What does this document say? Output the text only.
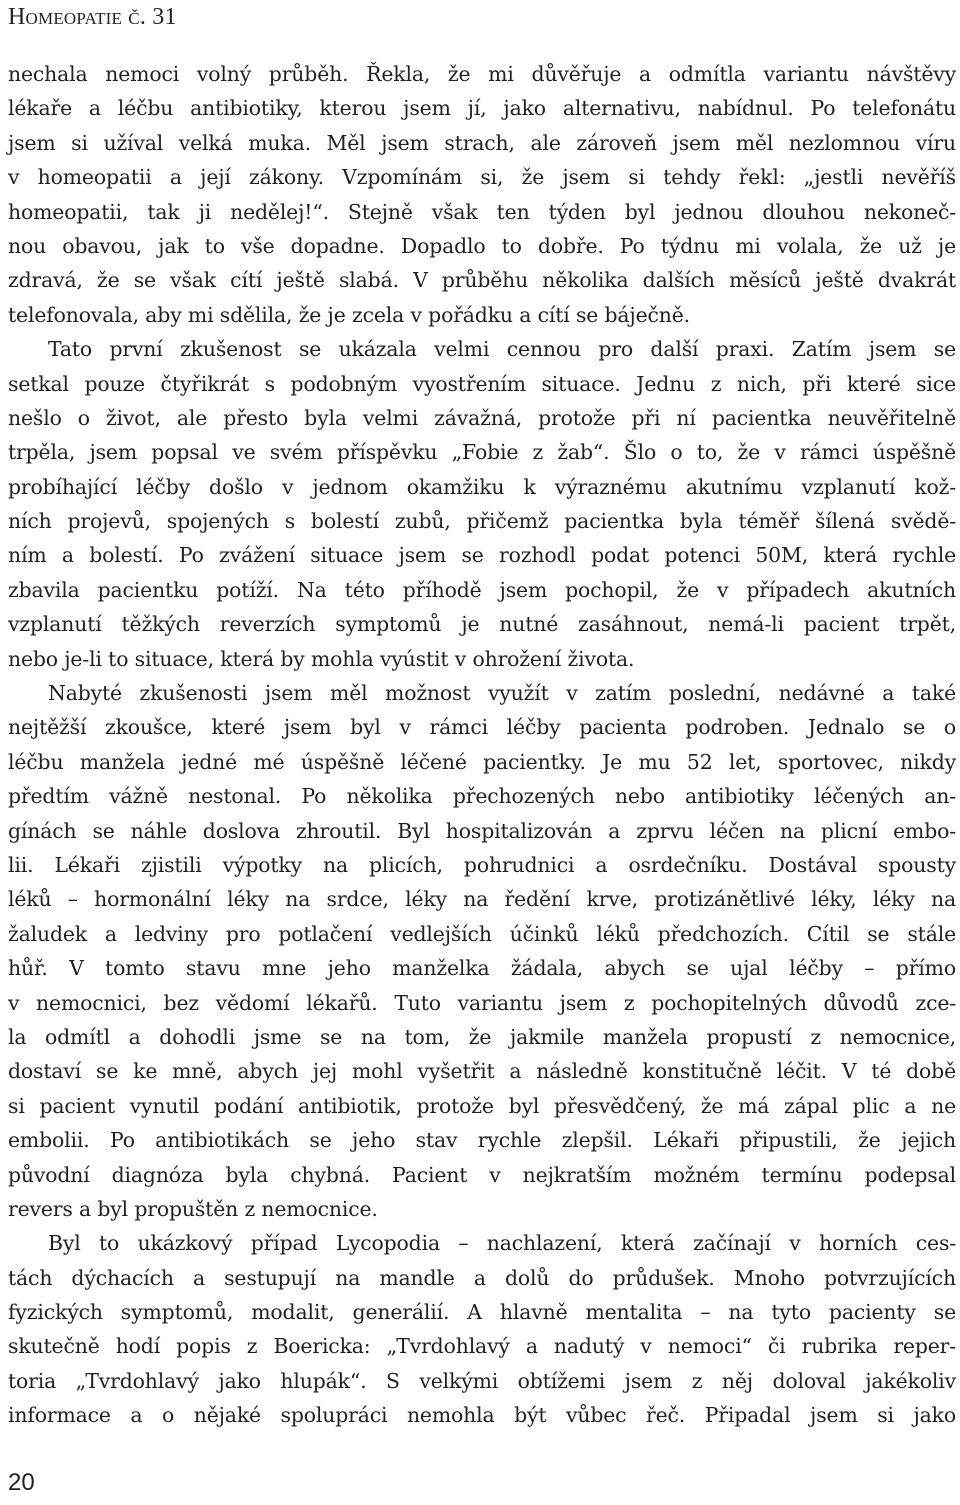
Homeopatie č. 31
nechala nemoci volný průběh. Řekla, že mi důvěřuje a odmítla variantu návštěvy
lékaře a léčbu antibiotiky, kterou jsem jí, jako alternativu, nabídnul. Po telefonátu
jsem si užíval velká muka. Měl jsem strach, ale zároveň jsem měl nezlomnou víru
v homeopatii a její zákony. Vzpomínám si, že jsem si tehdy řekl: „jestli nevěříš
homeopatii, tak ji nedělej!“. Stejně však ten týden byl jednou dlouhou nekoneč-
nou obavou, jak to vše dopadne. Dopadlo to dobře. Po týdnu mi volala, že už je
zdravá, že se však cítí ještě slabá. V průběhu několika dalších měsíců ještě dvakrát
telefonovala, aby mi sdělila, že je zcela v pořádku a cítí se báječně.
Tato první zkušenost se ukázala velmi cennou pro další praxi. Zatím jsem se
setkal pouze čtyřikrát s podobným vyostřením situace. Jednu z nich, při které sice
nešlo o život, ale přesto byla velmi závažná, protože při ní pacientka neuvěřitelně
trpěla, jsem popsal ve svém příspěvku „Fobie z žab“. Šlo o to, že v rámci úspěšně
probíhající léčby došlo v jednom okamžiku k výraznému akutnímu vzplanutí kož-
ních projevů, spojených s bolestí zubů, přičemž pacientka byla téměř šílená svědě-
ním a bolestí. Po zvážení situace jsem se rozhodl podat potenci 50M, která rychle
zbavila pacientku potíží. Na této příhodě jsem pochopil, že v případech akutních
vzplanutí těžkých reverzích symptomů je nutné zasáhnout, nemá-li pacient trpět,
nebo je-li to situace, která by mohla vyústit v ohrožení života.
Nabyté zkušenosti jsem měl možnost využít v zatím poslední, nedávné a také
nejtěžší zkoušce, které jsem byl v rámci léčby pacienta podroben. Jednalo se o
léčbu manžela jedné mé úspěšně léčené pacientky. Je mu 52 let, sportovec, nikdy
předtím vážně nestonal. Po několika přechozených nebo antibiotiky léčených an-
gínách se náhle doslova zhroutil. Byl hospitalizován a zprvu léčen na plicní embo-
lii. Lékaři zjistili výpotky na plicích, pohrudnici a osrdečníku. Dostával spousty
léků – hormonální léky na srdce, léky na ředění krve, protizánětlivé léky, léky na
žaludek a ledviny pro potlačení vedlejších účinků léků předchozích. Cítil se stále
hůř. V tomto stavu mne jeho manželka žádala, abych se ujal léčby – přímo
v nemocnici, bez vědomí lékařů. Tuto variantu jsem z pochopitelných důvodů zce-
la odmítl a dohodli jsme se na tom, že jakmile manžela propustí z nemocnice,
dostaví se ke mně, abych jej mohl vyšetřit a následně konstitučně léčit. V té době
si pacient vynutil podání antibiotik, protože byl přesvědčený, že má zápal plic a ne
embolii. Po antibiotikách se jeho stav rychle zlepšil. Lékaři připustili, že jejich
původní diagnóza byla chybná. Pacient v nejkratším možném termínu podepsal
revers a byl propuštěn z nemocnice.
Byl to ukázkový případ Lycopodia – nachlazení, která začínají v horních ces-
tách dýchacích a sestupují na mandle a dolů do průdušek. Mnoho potvrzujících
fyzických symptomů, modalit, generálií. A hlavně mentalita – na tyto pacienty se
skutečně hodí popis z Boericka: „Tvrdohlavý a nadutý v nemoci“ či rubrika reper-
toria „Tvrdohlavý jako hlupák“. S velkými obtížemi jsem z něj doloval jakékoliv
informace a o nějaké spolupráci nemohla být vůbec řeč. Připadal jsem si jako
20
